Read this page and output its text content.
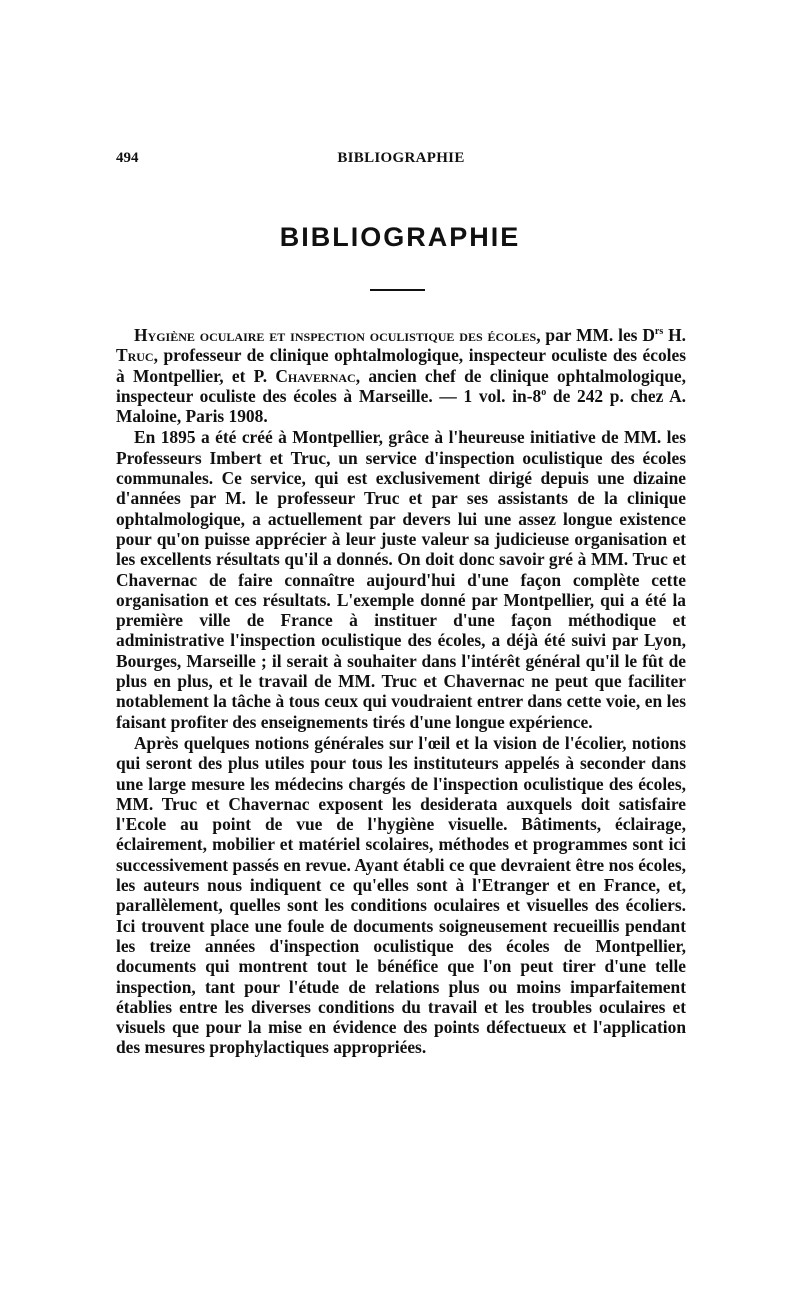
494	BIBLIOGRAPHIE
BIBLIOGRAPHIE

Hygiène oculaire et inspection oculistique des écoles, par MM. les $D^{rs}$ H. Truc, professeur de clinique ophtalmologique, inspecteur oculiste des écoles à Montpellier, et P. Chavernac, ancien chef de clinique ophtalmologique, inspecteur oculiste des écoles à Marseille. — 1 vol. in-8$^o$ de 242 p. chez A. Maloine, Paris 1908.

En 1895 a été créé à Montpellier, grâce à l'heureuse initiative de MM. les Professeurs Imbert et Truc, un service d'inspection oculistique des écoles communales. Ce service, qui est exclusivement dirigé depuis une dizaine d'années par M. le professeur Truc et par ses assistants de la clinique ophtalmologique, a actuellement par devers lui une assez longue existence pour qu'on puisse apprécier à leur juste valeur sa judicieuse organisation et les excellents résultats qu'il a donnés. On doit donc savoir gré à MM. Truc et Chavernac de faire connaître aujourd'hui d'une façon complète cette organisation et ces résultats. L'exemple donné par Montpellier, qui a été la première ville de France à instituer d'une façon méthodique et administrative l'inspection oculistique des écoles, a déjà été suivi par Lyon, Bourges, Marseille ; il serait à souhaiter dans l'intérêt général qu'il le fût de plus en plus, et le travail de MM. Truc et Chavernac ne peut que faciliter notablement la tâche à tous ceux qui voudraient entrer dans cette voie, en les faisant profiter des enseignements tirés d'une longue expérience.

Après quelques notions générales sur l'œil et la vision de l'écolier, notions qui seront des plus utiles pour tous les instituteurs appelés à seconder dans une large mesure les médecins chargés de l'inspection oculistique des écoles, MM. Truc et Chavernac exposent les desiderata auxquels doit satisfaire l'Ecole au point de vue de l'hygiène visuelle. Bâtiments, éclairage, éclairement, mobilier et matériel scolaires, méthodes et programmes sont ici successivement passés en revue. Ayant établi ce que devraient être nos écoles, les auteurs nous indiquent ce qu'elles sont à l'Etranger et en France, et, parallèlement, quelles sont les conditions oculaires et visuelles des écoliers. Ici trouvent place une foule de documents soigneusement recueillis pendant les treize années d'inspection oculistique des écoles de Montpellier, documents qui montrent tout le bénéfice que l'on peut tirer d'une telle inspection, tant pour l'étude de relations plus ou moins imparfaitement établies entre les diverses conditions du travail et les troubles oculaires et visuels que pour la mise en évidence des points défectueux et l'application des mesures prophylactiques appropriées.
